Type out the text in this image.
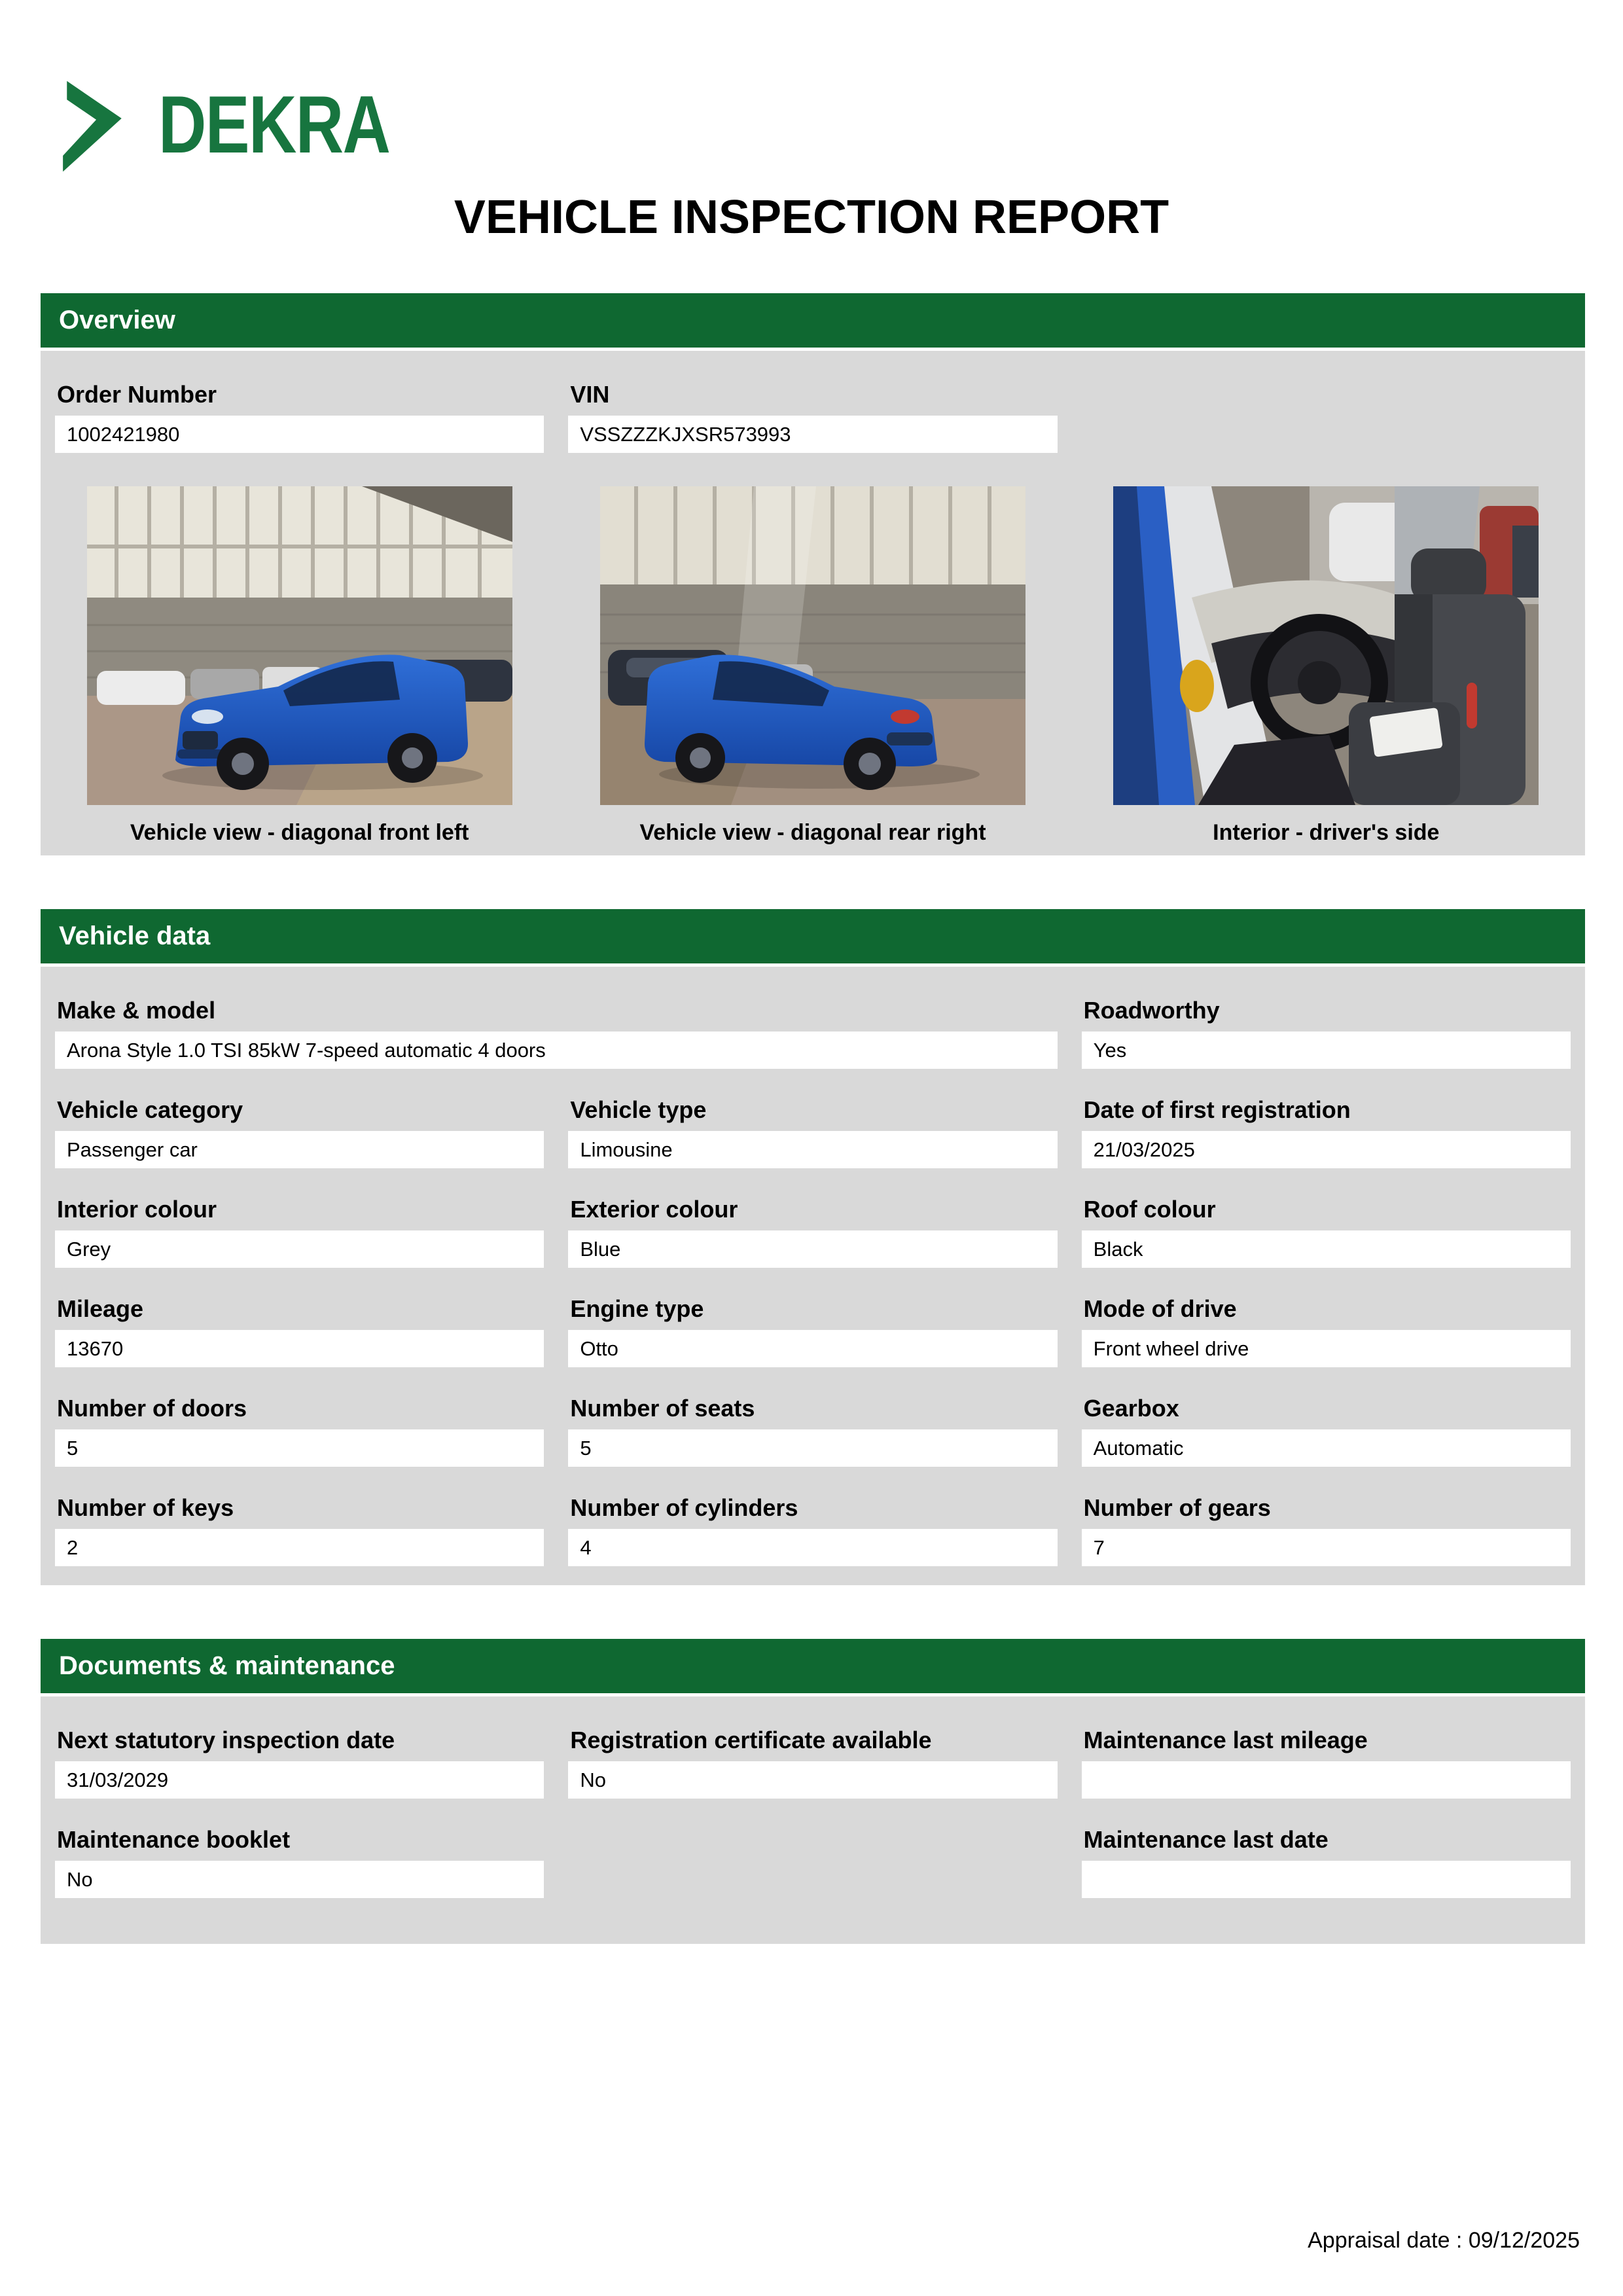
DEKRA
VEHICLE INSPECTION REPORT
Overview
Order Number
1002421980
VIN
VSSZZZKJXSR573993
Vehicle view - diagonal front left	Vehicle view - diagonal rear right	Interior - driver's side
Vehicle data
Make & model
Arona Style 1.0 TSI 85kW 7-speed automatic 4 doors
Roadworthy
Yes
Vehicle category
Passenger car
Vehicle type
Limousine
Date of first registration
21/03/2025
Interior colour
Grey
Exterior colour
Blue
Roof colour
Black
Mileage
13670
Engine type
Otto
Mode of drive
Front wheel drive
Number of doors
5
Number of seats
5
Gearbox
Automatic
Number of keys
2
Number of cylinders
4
Number of gears
7
Documents & maintenance
Next statutory inspection date
31/03/2029
Registration certificate available
No
Maintenance last mileage
Maintenance booklet
No
Maintenance last date
Appraisal date : 09/12/2025
